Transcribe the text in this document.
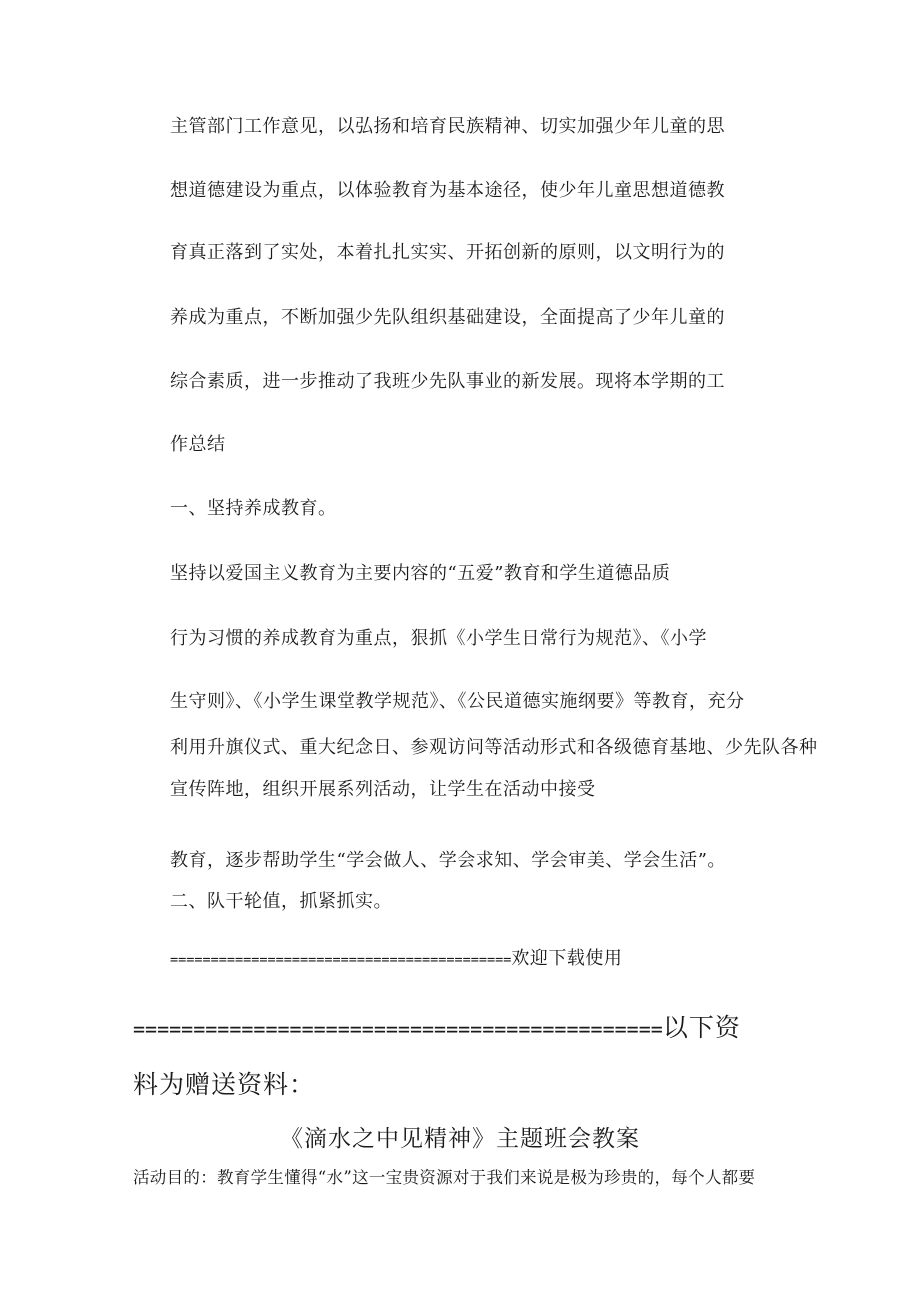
主管部门工作意见，以弘扬和培育民族精神、切实加强少年儿童的思
想道德建设为重点，以体验教育为基本途径，使少年儿童思想道德教
育真正落到了实处，本着扎扎实实、开拓创新的原则，以文明行为的
养成为重点，不断加强少先队组织基础建设，全面提高了少年儿童的
综合素质，进一步推动了我班少先队事业的新发展。现将本学期的工
作总结
一、坚持养成教育。
坚持以爱国主义教育为主要内容的“五爱”教育和学生道德品质
行为习惯的养成教育为重点，狠抓《小学生日常行为规范》、《小学
生守则》、《小学生课堂教学规范》、《公民道德实施纲要》等教育，充分
利用升旗仪式、重大纪念日、参观访问等活动形式和各级德育基地、少先队各种
宣传阵地，组织开展系列活动，让学生在活动中接受
教育，逐步帮助学生“学会做人、学会求知、学会审美、学会生活”。
二、队干轮值，抓紧抓实。
==========================================欢迎下载使用
============================================以下资
料为赠送资料：
《滴水之中见精神》主题班会教案
活动目的：教育学生懂得“水”这一宝贵资源对于我们来说是极为珍贵的，每个人都要
